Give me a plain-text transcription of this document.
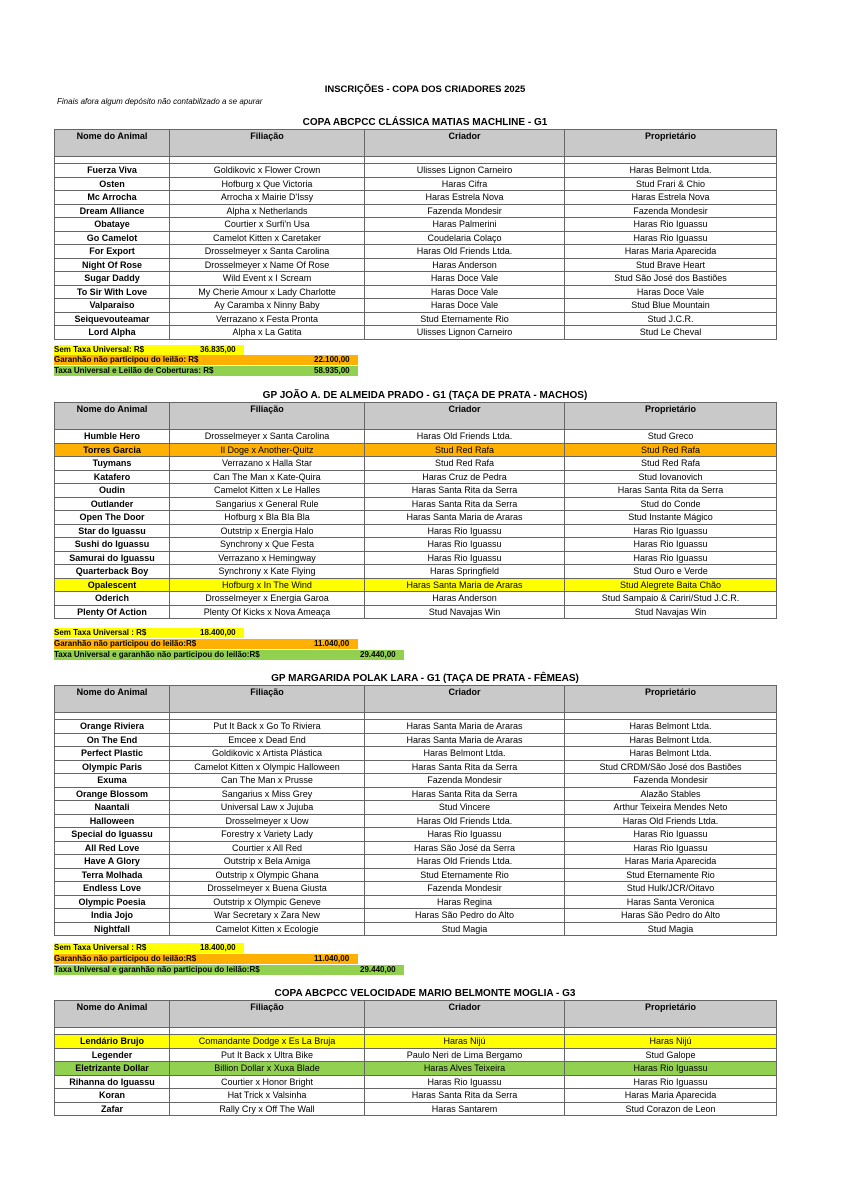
INSCRIÇÕES - COPA DOS CRIADORES 2025
Finais afora algum depósito não contabilizado a se apurar
COPA ABCPCC CLÁSSICA MATIAS MACHLINE - G1
Nome do Animal	Filiação	Criador	Proprietário

Fuerza Viva	Goldikovic x Flower Crown	Ulisses Lignon Carneiro	Haras Belmont Ltda.
Osten	Hofburg x Que Victoria	Haras Cifra	Stud Frari & Chio
Mc Arrocha	Arrocha x Mairie D'Issy	Haras Estrela Nova	Haras Estrela Nova
Dream Alliance	Alpha x Netherlands	Fazenda Mondesir	Fazenda Mondesir
Obataye	Courtier x Surfi'n Usa	Haras Palmerini	Haras Rio Iguassu
Go Camelot	Camelot Kitten x Caretaker	Coudelaria Colaço	Haras Rio Iguassu
For Export	Drosselmeyer x Santa Carolina	Haras Old Friends Ltda.	Haras Maria Aparecida
Night Of Rose	Drosselmeyer x Name Of Rose	Haras Anderson	Stud Brave Heart
Sugar Daddy	Wild Event x I Scream	Haras Doce Vale	Stud São José dos Bastiões
To Sir With Love	My Cherie Amour x Lady Charlotte	Haras Doce Vale	Haras Doce Vale
Valparaiso	Ay Caramba x Ninny Baby	Haras Doce Vale	Stud Blue Mountain
Seiquevouteamar	Verrazano x Festa Pronta	Stud Eternamente Rio	Stud J.C.R.
Lord Alpha	Alpha x La Gatita	Ulisses Lignon Carneiro	Stud Le Cheval
Sem Taxa Universal: R$	36.835,00
Garanhão não participou do leilão: R$	22.100,00
Taxa Universal e Leilão de Coberturas: R$	58.935,00
GP JOÃO A. DE ALMEIDA PRADO - G1 (TAÇA DE PRATA - MACHOS)
Nome do Animal	Filiação	Criador	Proprietário
Humble Hero	Drosselmeyer x Santa Carolina	Haras Old Friends Ltda.	Stud Greco
Torres Garcia	Il Doge x Another-Quitz	Stud Red Rafa	Stud Red Rafa
Tuymans	Verrazano x Halla Star	Stud Red Rafa	Stud Red Rafa
Katafero	Can The Man x Kate-Quira	Haras Cruz de Pedra	Stud Iovanovich
Oudin	Camelot Kitten x Le Halles	Haras Santa Rita da Serra	Haras Santa Rita da Serra
Outlander	Sangarius x General Rule	Haras Santa Rita da Serra	Stud do Conde
Open The Door	Hofburg x Bla Bla Bla	Haras Santa Maria de Araras	Stud Instante Mágico
Star do Iguassu	Outstrip x Energia Halo	Haras Rio Iguassu	Haras Rio Iguassu
Sushi do Iguassu	Synchrony x Que Festa	Haras Rio Iguassu	Haras Rio Iguassu
Samurai do Iguassu	Verrazano x Hemingway	Haras Rio Iguassu	Haras Rio Iguassu
Quarterback Boy	Synchrony x Kate Flying	Haras Springfield	Stud Ouro e Verde
Opalescent	Hofburg x In The Wind	Haras Santa Maria de Araras	Stud Alegrete Baita Chão
Oderich	Drosselmeyer x Energia Garoa	Haras Anderson	Stud Sampaio & Cariri/Stud J.C.R.
Plenty Of Action	Plenty Of Kicks x Nova Ameaça	Stud Navajas Win	Stud Navajas Win
Sem Taxa Universal : R$	18.400,00
Garanhão não participou do leilão:R$	11.040,00
Taxa Universal e garanhão não participou do leilão:R$	29.440,00
GP MARGARIDA POLAK LARA - G1 (TAÇA DE PRATA - FÊMEAS)
Nome do Animal	Filiação	Criador	Proprietário

Orange Riviera	Put It Back x Go To Riviera	Haras Santa Maria de Araras	Haras Belmont Ltda.
On The End	Emcee x Dead End	Haras Santa Maria de Araras	Haras Belmont Ltda.
Perfect Plastic	Goldikovic x Artista Plástica	Haras Belmont Ltda.	Haras Belmont Ltda.
Olympic Paris	Camelot Kitten x Olympic Halloween	Haras Santa Rita da Serra	Stud CRDM/São José dos Bastiões
Exuma	Can The Man x Prusse	Fazenda Mondesir	Fazenda Mondesir
Orange Blossom	Sangarius x Miss Grey	Haras Santa Rita da Serra	Alazão Stables
Naantali	Universal Law x Jujuba	Stud Vincere	Arthur Teixeira Mendes Neto
Halloween	Drosselmeyer x Uow	Haras Old Friends Ltda.	Haras Old Friends Ltda.
Special do Iguassu	Forestry x Variety Lady	Haras Rio Iguassu	Haras Rio Iguassu
All Red Love	Courtier x All Red	Haras São José da Serra	Haras Rio Iguassu
Have A Glory	Outstrip x Bela Amiga	Haras Old Friends Ltda.	Haras Maria Aparecida
Terra Molhada	Outstrip x Olympic Ghana	Stud Eternamente Rio	Stud Eternamente Rio
Endless Love	Drosselmeyer x Buena Giusta	Fazenda Mondesir	Stud Hulk/JCR/Oitavo
Olympic Poesia	Outstrip x Olympic Geneve	Haras Regina	Haras Santa Veronica
India Jojo	War Secretary x Zara New	Haras São Pedro do Alto	Haras São Pedro do Alto
Nightfall	Camelot Kitten x Ecologie	Stud Magia	Stud Magia
Sem Taxa Universal : R$	18.400,00
Garanhão não participou do leilão:R$	11.040,00
Taxa Universal e garanhão não participou do leilão:R$	29.440,00
COPA ABCPCC VELOCIDADE MARIO BELMONTE MOGLIA - G3
Nome do Animal	Filiação	Criador	Proprietário

Lendário Brujo	Comandante Dodge x Es La Bruja	Haras Nijú	Haras Nijú
Legender	Put It Back x Ultra Bike	Paulo Neri de Lima Bergamo	Stud Galope
Eletrizante Dollar	Billion Dollar x Xuxa Blade	Haras Alves Teixeira	Haras Rio Iguassu
Rihanna do Iguassu	Courtier x Honor Bright	Haras Rio Iguassu	Haras Rio Iguassu
Koran	Hat Trick x Valsinha	Haras Santa Rita da Serra	Haras Maria Aparecida
Zafar	Rally Cry x Off The Wall	Haras Santarem	Stud Corazon de Leon
